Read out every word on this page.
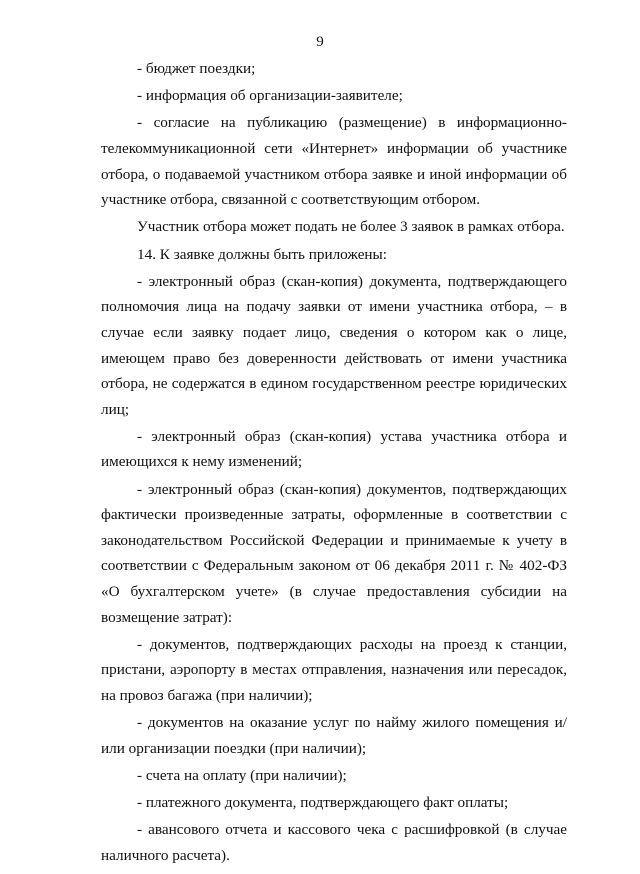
9

- бюджет поездки;

- информация об организации-заявителе;

- согласие на публикацию (размещение) в информационно-телекоммуникационной сети «Интернет» информации об участнике отбора, о подаваемой участником отбора заявке и иной информации об участнике отбора, связанной с соответствующим отбором.

Участник отбора может подать не более 3 заявок в рамках отбора.

14. К заявке должны быть приложены:

- электронный образ (скан-копия) документа, подтверждающего полномочия лица на подачу заявки от имени участника отбора, – в случае если заявку подает лицо, сведения о котором как о лице, имеющем право без доверенности действовать от имени участника отбора, не содержатся в едином государственном реестре юридических лиц;

- электронный образ (скан-копия) устава участника отбора и имеющихся к нему изменений;

- электронный образ (скан-копия) документов, подтверждающих фактически произведенные затраты, оформленные в соответствии с законодательством Российской Федерации и принимаемые к учету в соответствии с Федеральным законом от 06 декабря 2011 г. № 402-ФЗ «О бухгалтерском учете» (в случае предоставления субсидии на возмещение затрат):

- документов, подтверждающих расходы на проезд к станции, пристани, аэропорту в местах отправления, назначения или пересадок, на провоз багажа (при наличии);

- документов на оказание услуг по найму жилого помещения и/или организации поездки (при наличии);

- счета на оплату (при наличии);

- платежного документа, подтверждающего факт оплаты;

- авансового отчета и кассового чека с расшифровкой (в случае наличного расчета).
